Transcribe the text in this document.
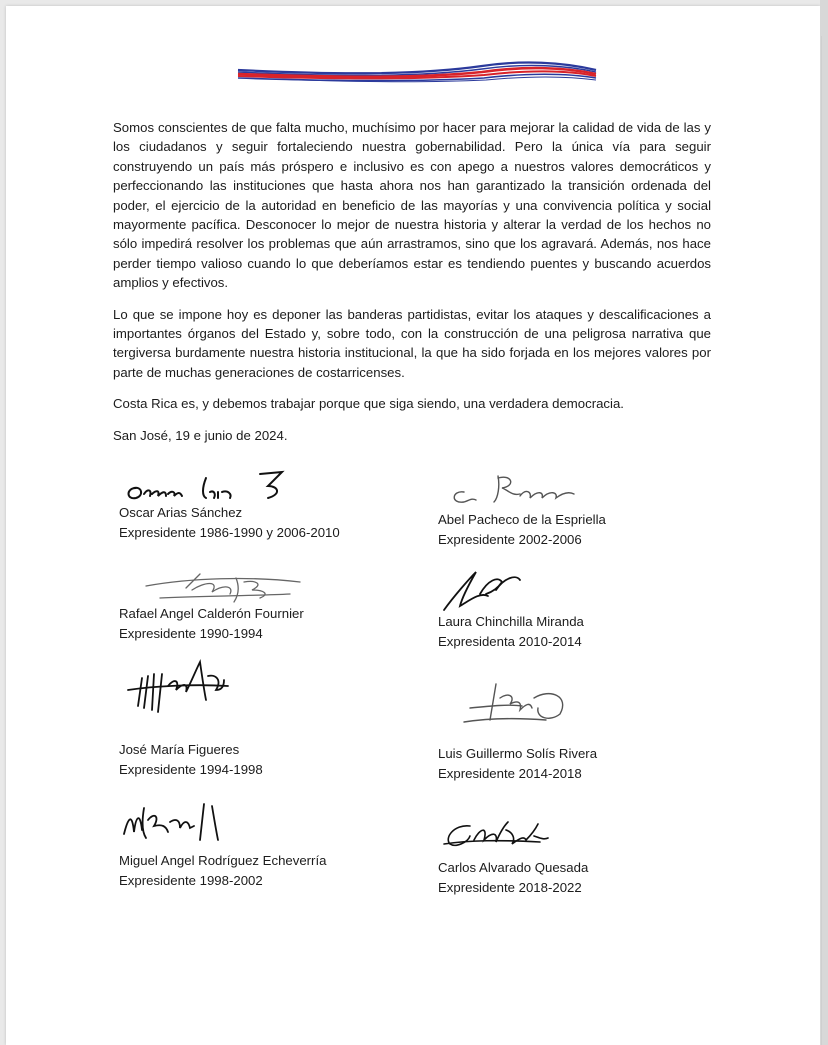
Somos conscientes de que falta mucho, muchísimo por hacer para mejorar la calidad de vida de las y los ciudadanos y seguir fortaleciendo nuestra gobernabilidad. Pero la única vía para seguir construyendo un país más próspero e inclusivo es con apego a nuestros valores democráticos y perfeccionando las instituciones que hasta ahora nos han garantizado la transición ordenada del poder, el ejercicio de la autoridad en beneficio de las mayorías y una convivencia política y social mayormente pacífica. Desconocer lo mejor de nuestra historia y alterar la verdad de los hechos no sólo impedirá resolver los problemas que aún arrastramos, sino que los agravará. Además, nos hace perder tiempo valioso cuando lo que deberíamos estar es tendiendo puentes y buscando acuerdos amplios y efectivos.

Lo que se impone hoy es deponer las banderas partidistas, evitar los ataques y descalificaciones a importantes órganos del Estado y, sobre todo, con la construcción de una peligrosa narrativa que tergiversa burdamente nuestra historia institucional, la que ha sido forjada en los mejores valores por parte de muchas generaciones de costarricenses.

Costa Rica es, y debemos trabajar porque que siga siendo, una verdadera democracia.

San José, 19 e junio de 2024.

Oscar Arias Sánchez
Expresidente 1986-1990 y 2006-2010
Abel Pacheco de la Espriella
Expresidente 2002-2006
Rafael Angel Calderón Fournier
Expresidente 1990-1994
Laura Chinchilla Miranda
Expresidenta 2010-2014
José María Figueres
Expresidente 1994-1998
Luis Guillermo Solís Rivera
Expresidente 2014-2018
Miguel Angel Rodríguez Echeverría
Expresidente 1998-2002
Carlos Alvarado Quesada
Expresidente 2018-2022
